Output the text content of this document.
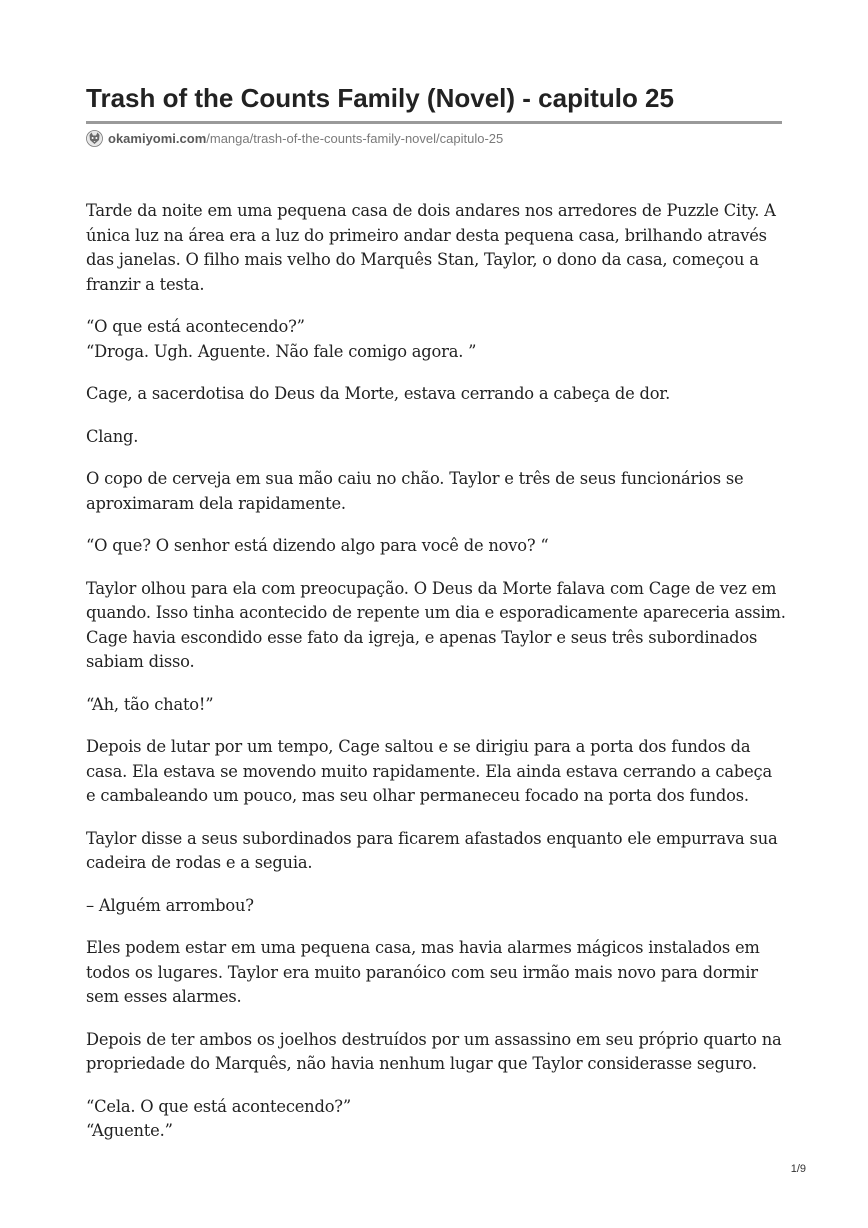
Trash of the Counts Family (Novel) - capitulo 25
okamiyomi.com /manga/trash-of-the-counts-family-novel/capitulo-25

Tarde da noite em uma pequena casa de dois andares nos arredores de Puzzle City. A única luz na área era a luz do primeiro andar desta pequena casa, brilhando através das janelas. O filho mais velho do Marquês Stan, Taylor, o dono da casa, começou a franzir a testa.

“O que está acontecendo?”
“Droga. Ugh. Aguente. Não fale comigo agora. ”

Cage, a sacerdotisa do Deus da Morte, estava cerrando a cabeça de dor.

Clang.

O copo de cerveja em sua mão caiu no chão. Taylor e três de seus funcionários se aproximaram dela rapidamente.

“O que? O senhor está dizendo algo para você de novo? “

Taylor olhou para ela com preocupação. O Deus da Morte falava com Cage de vez em quando. Isso tinha acontecido de repente um dia e esporadicamente apareceria assim. Cage havia escondido esse fato da igreja, e apenas Taylor e seus três subordinados sabiam disso.

“Ah, tão chato!”

Depois de lutar por um tempo, Cage saltou e se dirigiu para a porta dos fundos da casa. Ela estava se movendo muito rapidamente. Ela ainda estava cerrando a cabeça e cambaleando um pouco, mas seu olhar permaneceu focado na porta dos fundos.

Taylor disse a seus subordinados para ficarem afastados enquanto ele empurrava sua cadeira de rodas e a seguia.

– Alguém arrombou?

Eles podem estar em uma pequena casa, mas havia alarmes mágicos instalados em todos os lugares. Taylor era muito paranóico com seu irmão mais novo para dormir sem esses alarmes.

Depois de ter ambos os joelhos destruídos por um assassino em seu próprio quarto na propriedade do Marquês, não havia nenhum lugar que Taylor considerasse seguro.

“Cela. O que está acontecendo?”
“Aguente.”

1/9
